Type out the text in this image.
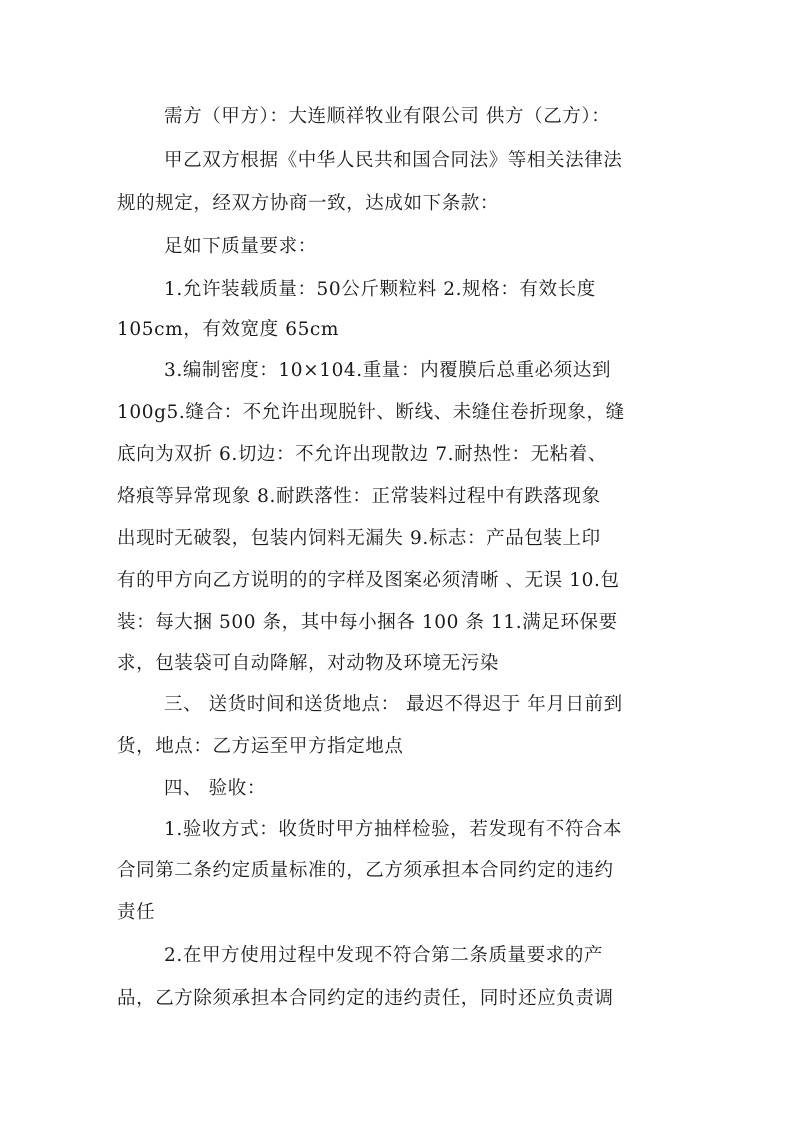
需方（甲方）：大连顺祥牧业有限公司 供方（乙方）：

甲乙双方根据《中华人民共和国合同法》等相关法律法

规的规定，经双方协商一致，达成如下条款：

足如下质量要求：

1.允许装载质量：50公斤颗粒料 2.规格：有效长度

105cm，有效宽度 65cm

3.编制密度：10×104.重量：内覆膜后总重必须达到

100g5.缝合：不允许出现脱针、断线、未缝住卷折现象，缝

底向为双折 6.切边：不允许出现散边 7.耐热性：无粘着、

烙痕等异常现象 8.耐跌落性：正常装料过程中有跌落现象

出现时无破裂，包装内饲料无漏失 9.标志：产品包装上印

有的甲方向乙方说明的的字样及图案必须清晰 、无误 10.包

装：每大捆 500 条，其中每小捆各 100 条 11.满足环保要

求，包装袋可自动降解，对动物及环境无污染

三、 送货时间和送货地点： 最迟不得迟于 年月日前到

货，地点：乙方运至甲方指定地点

四、 验收：

1.验收方式：收货时甲方抽样检验，若发现有不符合本

合同第二条约定质量标准的，乙方须承担本合同约定的违约

责任

2.在甲方使用过程中发现不符合第二条质量要求的产

品，乙方除须承担本合同约定的违约责任，同时还应负责调
